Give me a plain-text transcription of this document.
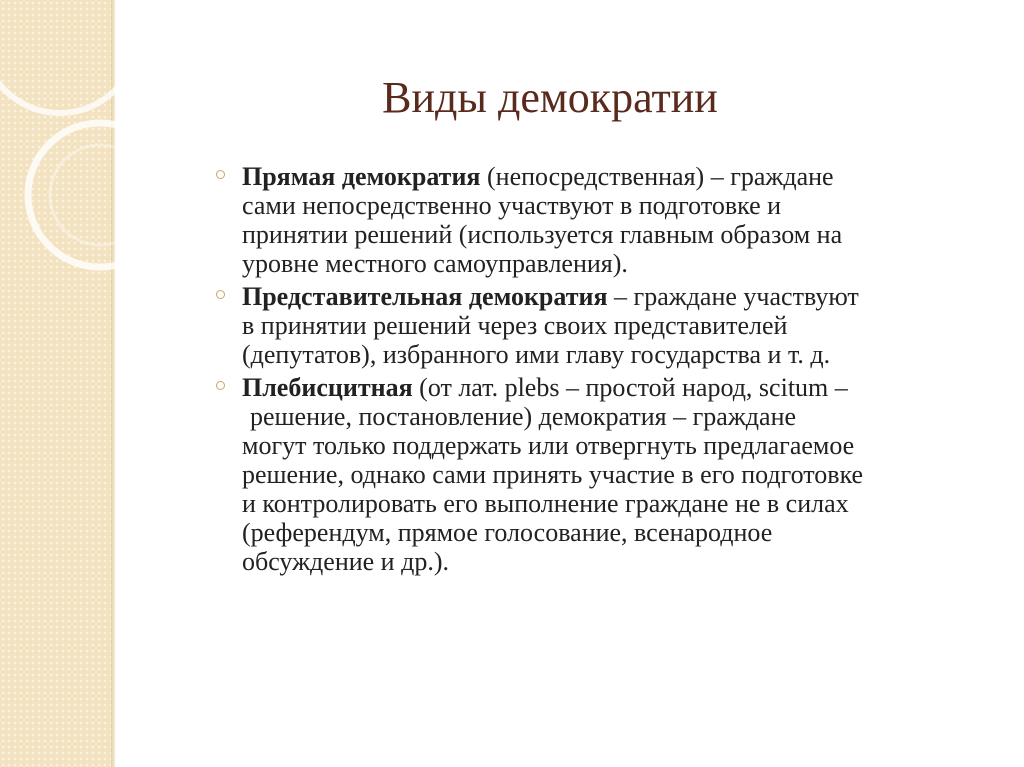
Виды демократии
Прямая демократия (непосредственная) – граждане
сами непосредственно участвуют в подготовке и
принятии решений (используется главным образом на
уровне местного самоуправления).
Представительная демократия – граждане участвуют
в принятии решений через своих представителей
(депутатов), избранного ими главу государства и т. д.
Плебисцитная (от лат. plebs – простой народ, scitum –
решение, постановление) демократия – граждане
могут только поддержать или отвергнуть предлагаемое
решение, однако сами принять участие в его подготовке
и контролировать его выполнение граждане не в силах
(референдум, прямое голосование, всенародное
обсуждение и др.).
